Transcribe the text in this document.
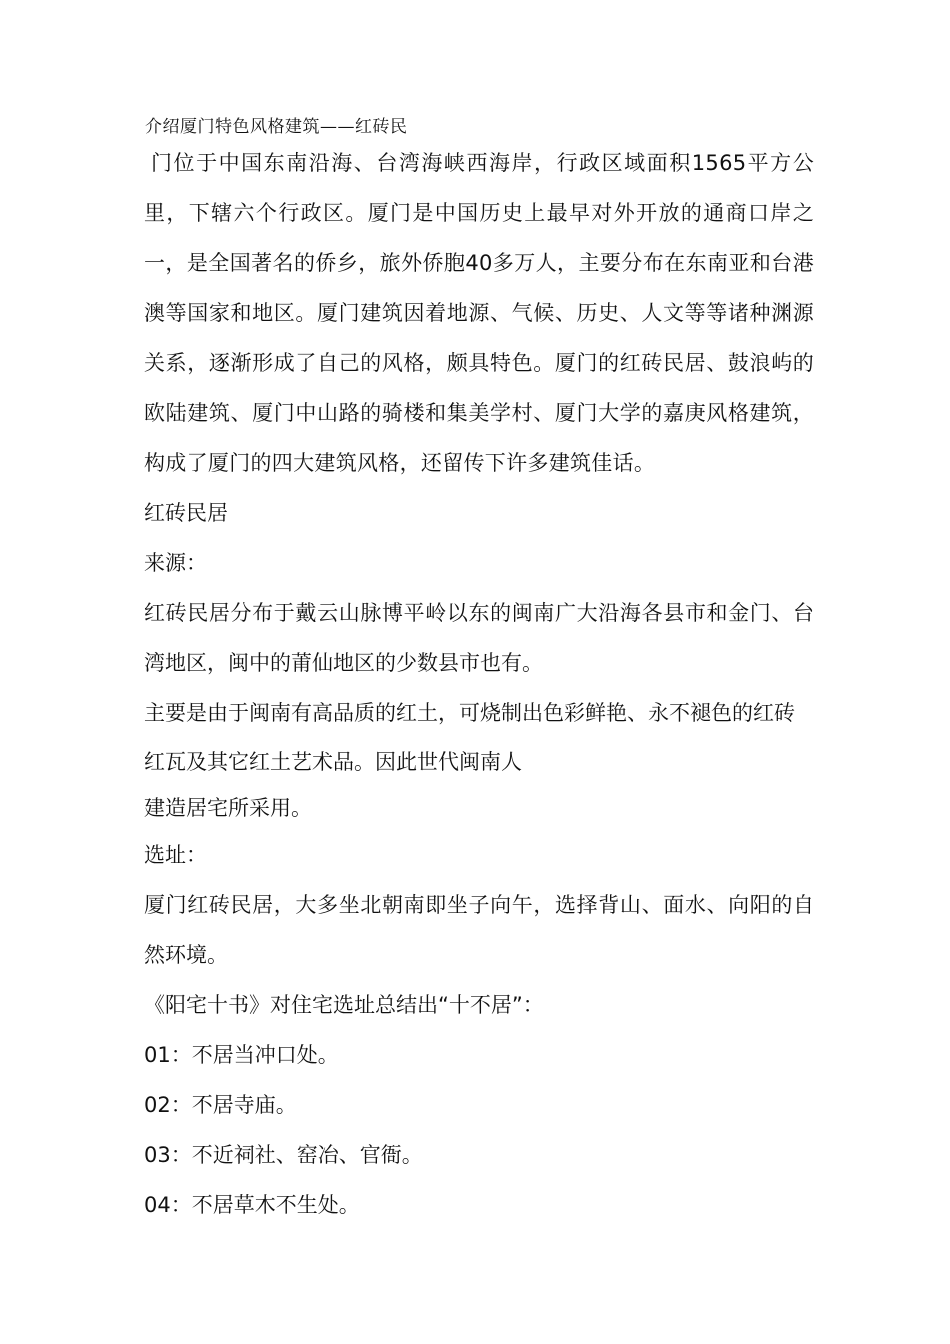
介绍厦门特色风格建筑——红砖民

门位于中国东南沿海、台湾海峡西海岸，行政区域面积1565平方公里，下辖六个行政区。厦门是中国历史上最早对外开放的通商口岸之一，是全国著名的侨乡，旅外侨胞40多万人，主要分布在东南亚和台港澳等国家和地区。厦门建筑因着地源、气候、历史、人文等等诸种渊源关系，逐渐形成了自己的风格，颇具特色。厦门的红砖民居、鼓浪屿的欧陆建筑、厦门中山路的骑楼和集美学村、厦门大学的嘉庚风格建筑，构成了厦门的四大建筑风格，还留传下许多建筑佳话。

红砖民居

来源：

红砖民居分布于戴云山脉博平岭以东的闽南广大沿海各县市和金门、台湾地区，闽中的莆仙地区的少数县市也有。

主要是由于闽南有高品质的红土，可烧制出色彩鲜艳、永不褪色的红砖

红瓦及其它红土艺术品。因此世代闽南人

建造居宅所采用。

选址：

厦门红砖民居，大多坐北朝南即坐子向午，选择背山、面水、向阳的自然环境。

《阳宅十书》对住宅选址总结出“十不居”：

01：不居当冲口处。

02：不居寺庙。

03：不近祠社、窑冶、官衙。

04：不居草木不生处。
